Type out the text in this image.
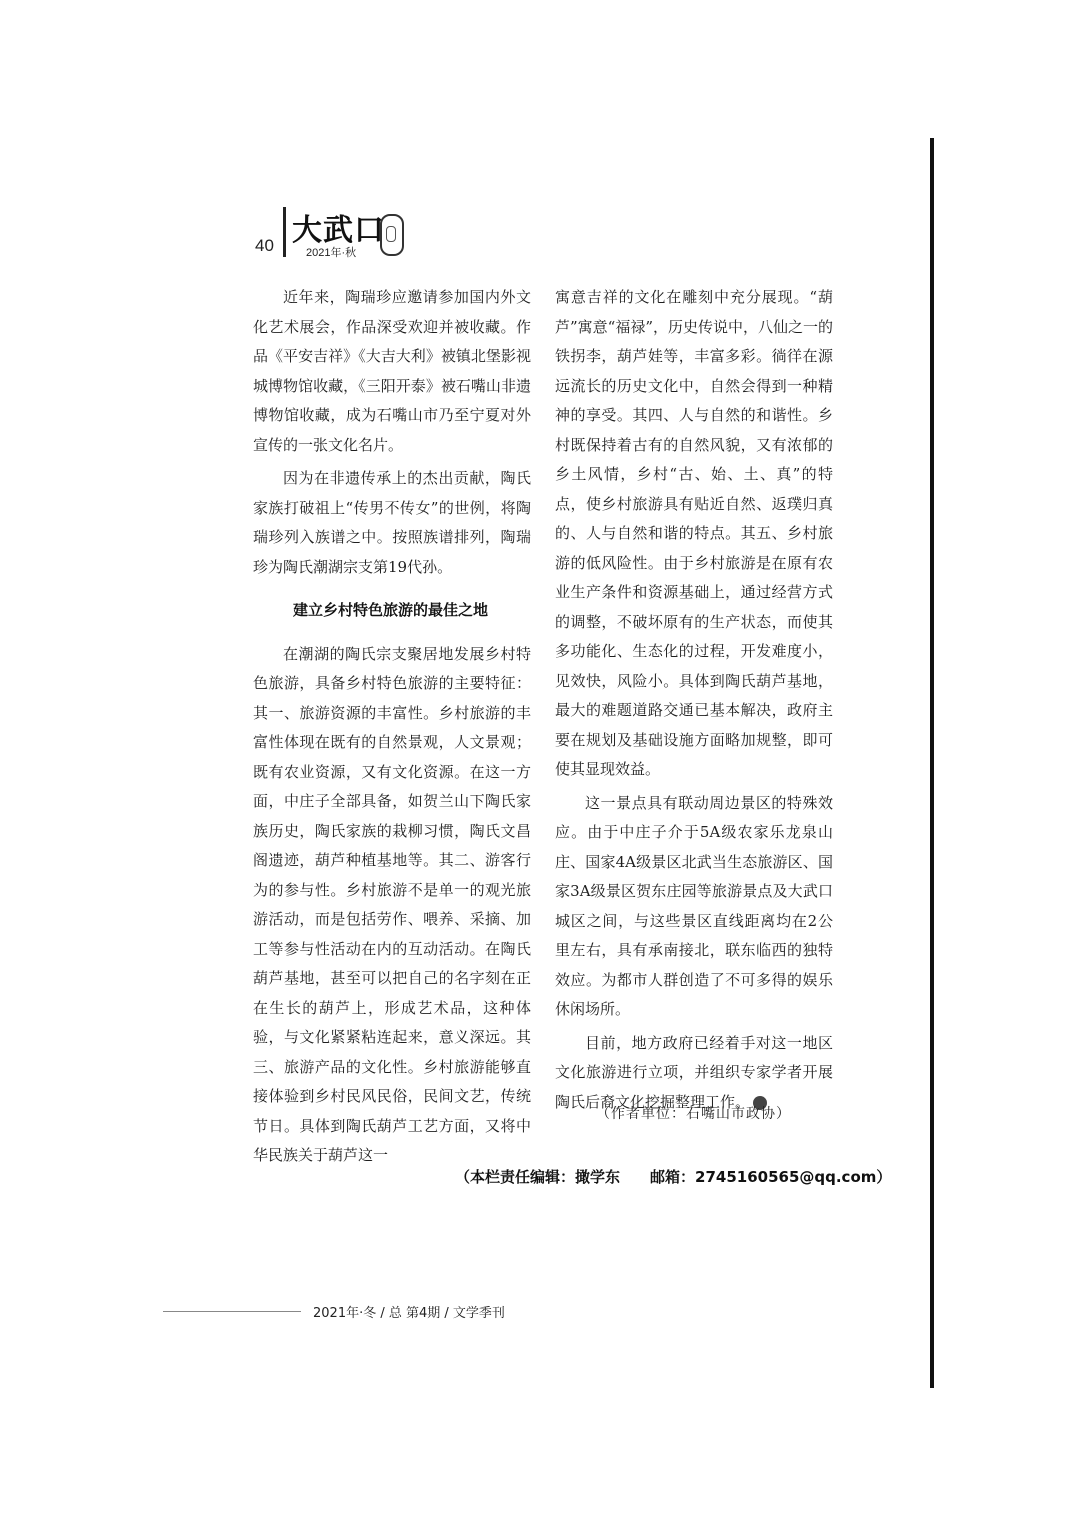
40 大武口
2021年·秋

近年来，陶瑞珍应邀请参加国内外文化艺术展会，作品深受欢迎并被收藏。作品《平安吉祥》《大吉大利》被镇北堡影视城博物馆收藏，《三阳开泰》被石嘴山非遗博物馆收藏，成为石嘴山市乃至宁夏对外宣传的一张文化名片。

因为在非遗传承上的杰出贡献，陶氏家族打破祖上“传男不传女”的世例，将陶瑞珍列入族谱之中。按照族谱排列，陶瑞珍为陶氏潮湖宗支第19代孙。

建立乡村特色旅游的最佳之地

在潮湖的陶氏宗支聚居地发展乡村特色旅游，具备乡村特色旅游的主要特征：其一、旅游资源的丰富性。乡村旅游的丰富性体现在既有的自然景观，人文景观；既有农业资源，又有文化资源。在这一方面，中庄子全部具备，如贺兰山下陶氏家族历史，陶氏家族的栽柳习惯，陶氏文昌阁遗迹，葫芦种植基地等。其二、游客行为的参与性。乡村旅游不是单一的观光旅游活动，而是包括劳作、喂养、采摘、加工等参与性活动在内的互动活动。在陶氏葫芦基地，甚至可以把自己的名字刻在正在生长的葫芦上，形成艺术品，这种体验，与文化紧紧粘连起来，意义深远。其三、旅游产品的文化性。乡村旅游能够直接体验到乡村民风民俗，民间文艺，传统节日。具体到陶氏葫芦工艺方面，又将中华民族关于葫芦这一

寓意吉祥的文化在雕刻中充分展现。“葫芦”寓意“福禄”，历史传说中，八仙之一的铁拐李，葫芦娃等，丰富多彩。徜徉在源远流长的历史文化中，自然会得到一种精神的享受。其四、人与自然的和谐性。乡村既保持着古有的自然风貌，又有浓郁的乡土风情，乡村“古、始、土、真”的特点，使乡村旅游具有贴近自然、返璞归真的、人与自然和谐的特点。其五、乡村旅游的低风险性。由于乡村旅游是在原有农业生产条件和资源基础上，通过经营方式的调整，不破坏原有的生产状态，而使其多功能化、生态化的过程，开发难度小，见效快，风险小。具体到陶氏葫芦基地，最大的难题道路交通已基本解决，政府主要在规划及基础设施方面略加规整，即可使其显现效益。

这一景点具有联动周边景区的特殊效应。由于中庄子介于5A级农家乐龙泉山庄、国家4A级景区北武当生态旅游区、国家3A级景区贺东庄园等旅游景点及大武口城区之间，与这些景区直线距离均在2公里左右，具有承南接北，联东临西的独特效应。为都市人群创造了不可多得的娱乐休闲场所。

目前，地方政府已经着手对这一地区文化旅游进行立项，并组织专家学者开展陶氏后裔文化挖掘整理工作。

（作者单位：石嘴山市政协）
（本栏责任编辑：撖学东 邮箱：2745160565@qq.com）
2021年·冬 / 总 第4期 / 文学季刊
